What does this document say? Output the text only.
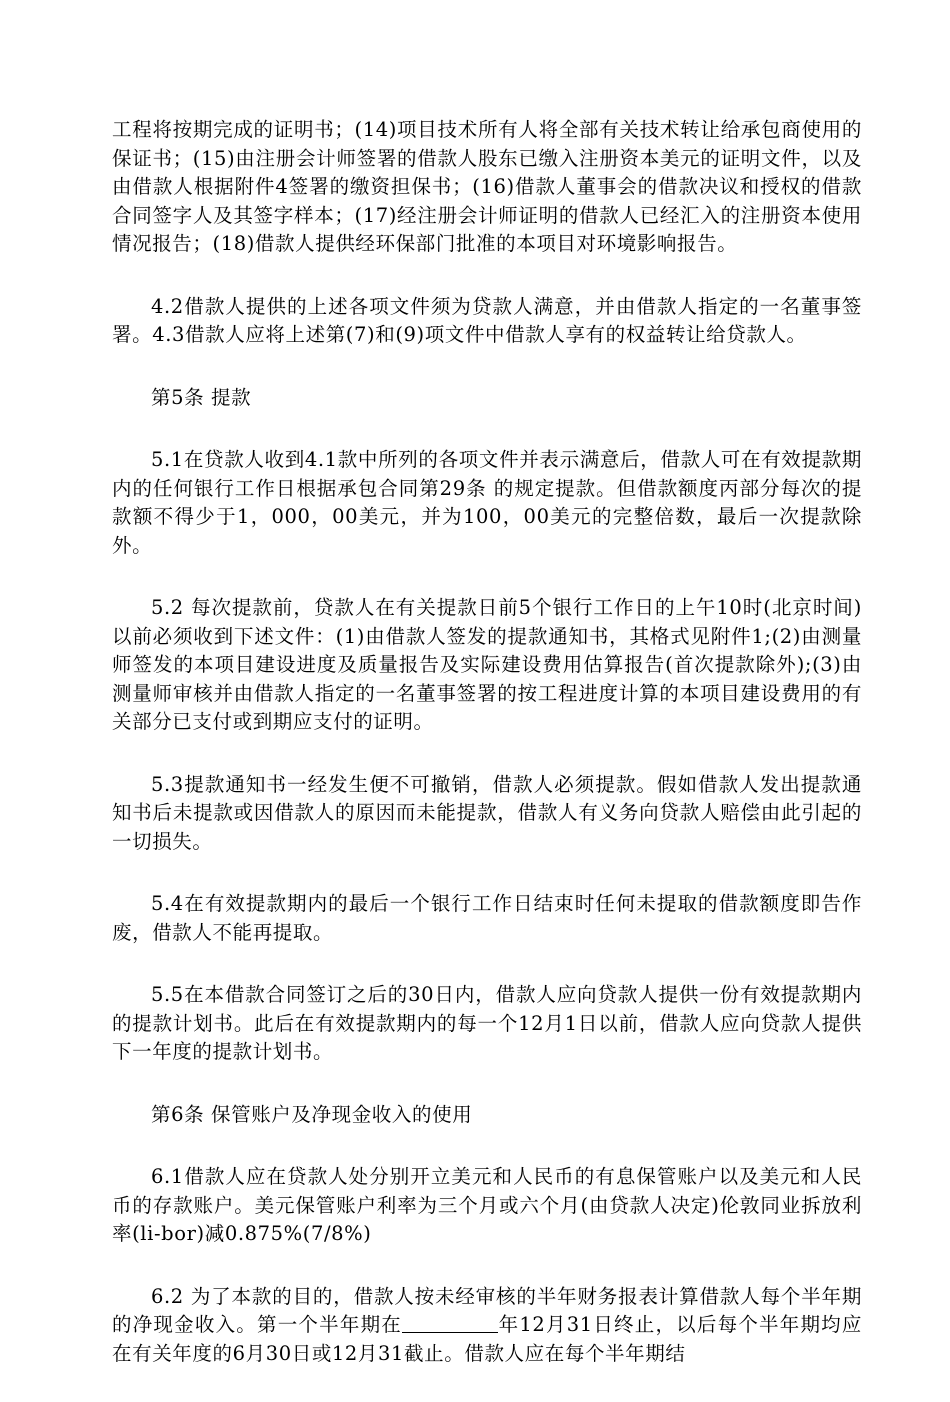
工程将按期完成的证明书；(14)项目技术所有人将全部有关技术转让给承包商使用的保证书；(15)由注册会计师签署的借款人股东已缴入注册资本美元的证明文件，以及由借款人根据附件4签署的缴资担保书；(16)借款人董事会的借款决议和授权的借款合同签字人及其签字样本；(17)经注册会计师证明的借款人已经汇入的注册资本使用情况报告；(18)借款人提供经环保部门批准的本项目对环境影响报告。

4.2借款人提供的上述各项文件须为贷款人满意，并由借款人指定的一名董事签署。4.3借款人应将上述第(7)和(9)项文件中借款人享有的权益转让给贷款人。

第5条 提款

5.1在贷款人收到4.1款中所列的各项文件并表示满意后，借款人可在有效提款期内的任何银行工作日根据承包合同第29条 的规定提款。但借款额度丙部分每次的提款额不得少于1，000，00美元，并为100，00美元的完整倍数，最后一次提款除外。

5.2 每次提款前，贷款人在有关提款日前5个银行工作日的上午10时(北京时间)以前必须收到下述文件：(1)由借款人签发的提款通知书，其格式见附件1;(2)由测量师签发的本项目建设进度及质量报告及实际建设费用估算报告(首次提款除外);(3)由测量师审核并由借款人指定的一名董事签署的按工程进度计算的本项目建设费用的有关部分已支付或到期应支付的证明。

5.3提款通知书一经发生便不可撤销，借款人必须提款。假如借款人发出提款通知书后未提款或因借款人的原因而未能提款，借款人有义务向贷款人赔偿由此引起的一切损失。

5.4在有效提款期内的最后一个银行工作日结束时任何未提取的借款额度即告作废，借款人不能再提取。

5.5在本借款合同签订之后的30日内，借款人应向贷款人提供一份有效提款期内的提款计划书。此后在有效提款期内的每一个12月1日以前，借款人应向贷款人提供下一年度的提款计划书。

第6条 保管账户及净现金收入的使用

6.1借款人应在贷款人处分别开立美元和人民币的有息保管账户以及美元和人民币的存款账户。美元保管账户利率为三个月或六个月(由贷款人决定)伦敦同业拆放利率(li-bor)减0.875%(7/8%)

6.2 为了本款的目的，借款人按未经审核的半年财务报表计算借款人每个半年期的净现金收入。第一个半年期在	年12月31日终止，以后每个半年期均应在有关年度的6月30日或12月31截止。借款人应在每个半年期结
